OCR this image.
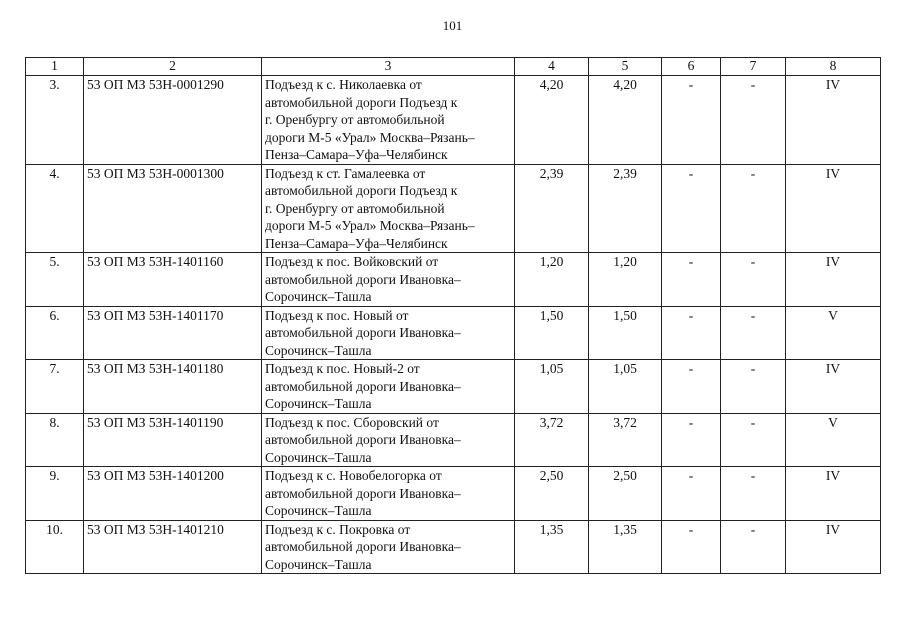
101
1	2	3	4	5	6	7	8
3.	53 ОП МЗ 53Н-0001290	Подъезд к с. Николаевка от
автомобильной дороги Подъезд к
г. Оренбургу от автомобильной
дороги М-5 «Урал» Москва–Рязань–
Пенза–Самара–Уфа–Челябинск	4,20	4,20	-	-	IV
4.	53 ОП МЗ 53Н-0001300	Подъезд к ст. Гамалеевка от
автомобильной дороги Подъезд к
г. Оренбургу от автомобильной
дороги М-5 «Урал» Москва–Рязань–
Пенза–Самара–Уфа–Челябинск	2,39	2,39	-	-	IV
5.	53 ОП МЗ 53Н-1401160	Подъезд к пос. Войковский от
автомобильной дороги Ивановка–
Сорочинск–Ташла	1,20	1,20	-	-	IV
6.	53 ОП МЗ 53Н-1401170	Подъезд к пос. Новый от
автомобильной дороги Ивановка–
Сорочинск–Ташла	1,50	1,50	-	-	V
7.	53 ОП МЗ 53Н-1401180	Подъезд к пос. Новый-2 от
автомобильной дороги Ивановка–
Сорочинск–Ташла	1,05	1,05	-	-	IV
8.	53 ОП МЗ 53Н-1401190	Подъезд к пос. Сборовский от
автомобильной дороги Ивановка–
Сорочинск–Ташла	3,72	3,72	-	-	V
9.	53 ОП МЗ 53Н-1401200	Подъезд к с. Новобелогорка от
автомобильной дороги Ивановка–
Сорочинск–Ташла	2,50	2,50	-	-	IV
10.	53 ОП МЗ 53Н-1401210	Подъезд к с. Покровка от
автомобильной дороги Ивановка–
Сорочинск–Ташла	1,35	1,35	-	-	IV
